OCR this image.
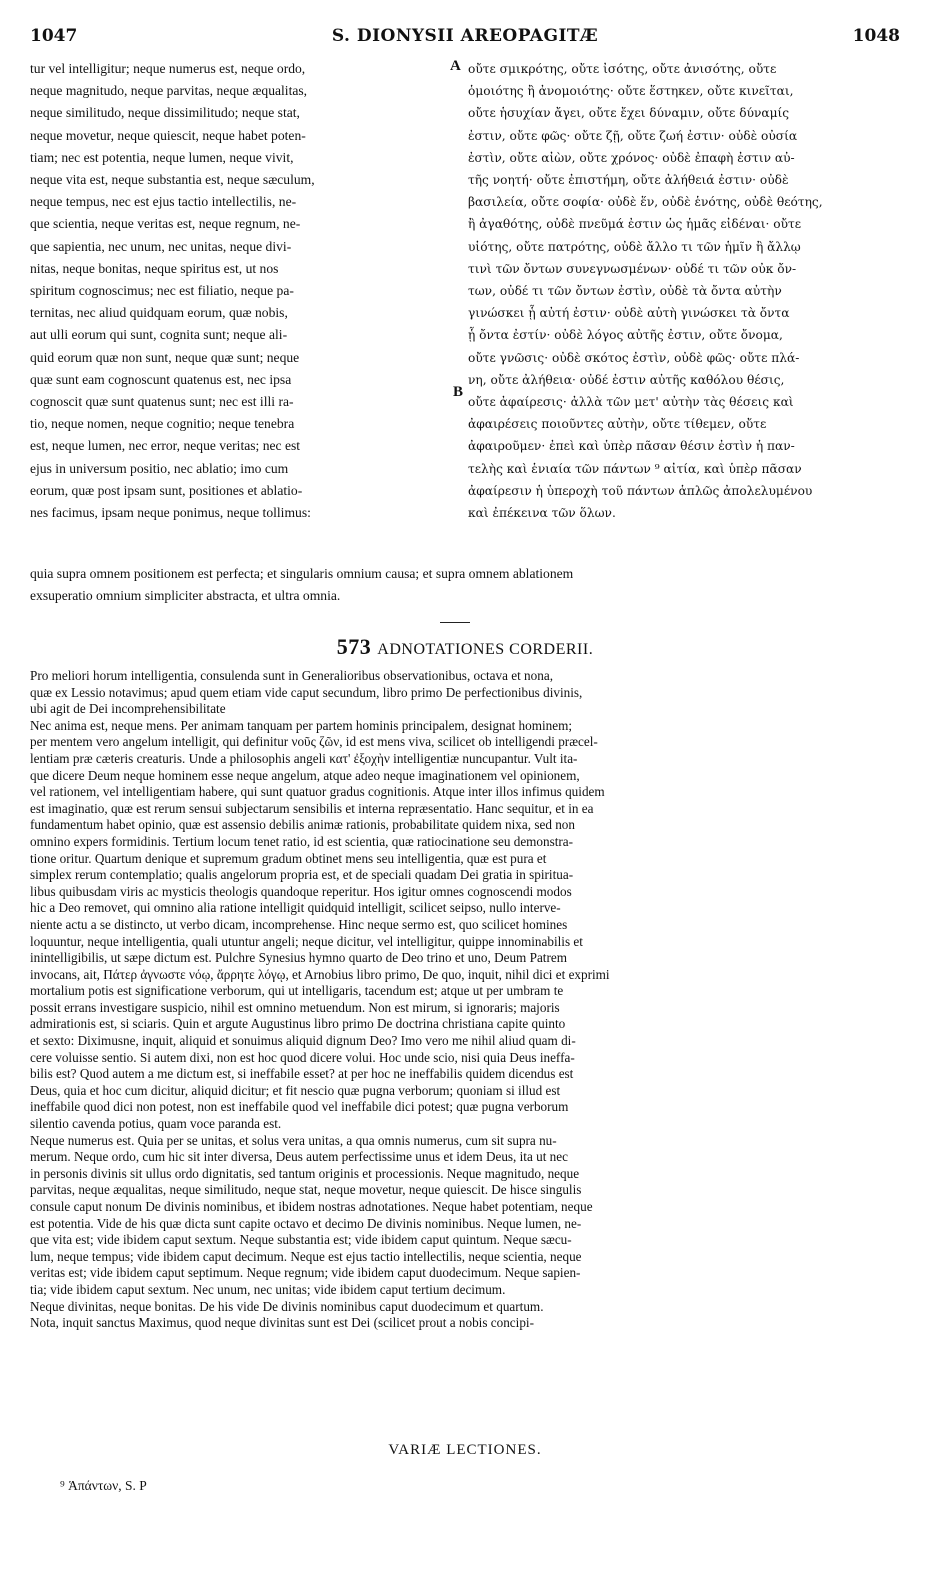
1047	S. DIONYSII AREOPAGITÆ	1048
tur vel intelligitur; neque numerus est, neque ordo,
neque magnitudo, neque parvitas, neque æqualitas,
neque similitudo, neque dissimilitudo; neque stat,
neque movetur, neque quiescit, neque habet poten-
tiam; nec est potentia, neque lumen, neque vivit,
neque vita est, neque substantia est, neque sæculum,
neque tempus, nec est ejus tactio intellectilis, ne-
que scientia, neque veritas est, neque regnum, ne-
que sapientia, nec unum, nec unitas, neque divi-
nitas, neque bonitas, neque spiritus est, ut nos
spiritum cognoscimus; nec est filiatio, neque pa-
ternitas, nec aliud quidquam eorum, quæ nobis,
aut ulli eorum qui sunt, cognita sunt; neque ali-
quid eorum quæ non sunt, neque quæ sunt; neque
quæ sunt eam cognoscunt quatenus est, nec ipsa
cognoscit quæ sunt quatenus sunt; nec est illi ra-
tio, neque nomen, neque cognitio; neque tenebra
est, neque lumen, nec error, neque veritas; nec est
ejus in universum positio, nec ablatio; imo cum
eorum, quæ post ipsam sunt, positiones et ablatio-
nes facimus, ipsam neque ponimus, neque tollimus:
A
B
οὔτε σμικρότης, οὔτε ἰσότης, οὔτε ἀνισότης, οὔτε
ὁμοιότης ἢ ἀνομοιότης· οὔτε ἕστηκεν, οὔτε κινεῖται,
οὔτε ἡσυχίαν ἄγει, οὔτε ἔχει δύναμιν, οὔτε δύναμίς
ἐστιν, οὔτε φῶς· οὔτε ζῇ, οὔτε ζωή ἐστιν· οὐδὲ οὐσία
ἐστὶν, οὔτε αἰὼν, οὔτε χρόνος· οὐδὲ ἐπαφὴ ἐστιν αὐ-
τῆς νοητή· οὔτε ἐπιστήμη, οὔτε ἀλήθειά ἐστιν· οὐδὲ
βασιλεία, οὔτε σοφία· οὐδὲ ἕν, οὐδὲ ἑνότης, οὐδὲ θεότης,
ἢ ἀγαθότης, οὐδὲ πνεῦμά ἐστιν ὡς ἡμᾶς εἰδέναι· οὔτε
υἱότης, οὔτε πατρότης, οὐδὲ ἄλλο τι τῶν ἡμῖν ἢ ἄλλῳ
τινὶ τῶν ὄντων συνεγνωσμένων· οὐδέ τι τῶν οὐκ ὄν-
των, οὐδέ τι τῶν ὄντων ἐστὶν, οὐδὲ τὰ ὄντα αὐτὴν
γινώσκει ᾗ αὐτή ἐστιν· οὐδὲ αὐτὴ γινώσκει τὰ ὄντα
ᾗ ὄντα ἐστίν· οὐδὲ λόγος αὐτῆς ἐστιν, οὔτε ὄνομα,
οὔτε γνῶσις· οὐδὲ σκότος ἐστὶν, οὐδὲ φῶς· οὔτε πλά-
νη, οὔτε ἀλήθεια· οὐδέ ἐστιν αὐτῆς καθόλου θέσις,
οὔτε ἀφαίρεσις· ἀλλὰ τῶν μετ' αὐτὴν τὰς θέσεις καὶ
ἀφαιρέσεις ποιοῦντες αὐτὴν, οὔτε τίθεμεν, οὔτε
ἀφαιροῦμεν· ἐπεὶ καὶ ὑπὲρ πᾶσαν θέσιν ἐστὶν ἡ παν-
τελὴς καὶ ἑνιαία τῶν πάντων ⁹ αἰτία, καὶ ὑπὲρ πᾶσαν
ἀφαίρεσιν ἡ ὑπεροχὴ τοῦ πάντων ἁπλῶς ἀπολελυμένου
καὶ ἐπέκεινα τῶν ὅλων.
quia supra omnem positionem est perfecta; et singularis omnium causa; et supra omnem ablationem
exsuperatio omnium simpliciter abstracta, et ultra omnia.
573 ADNOTATIONES CORDERII.
Pro meliori horum intelligentia, consulenda sunt in Generalioribus observationibus, octava et nona,
quæ ex Lessio notavimus; apud quem etiam vide caput secundum, libro primo De perfectionibus divinis,
ubi agit de Dei incomprehensibilitate
Nec anima est, neque mens. Per animam tanquam per partem hominis principalem, designat hominem;
per mentem vero angelum intelligit, qui definitur νοῦς ζῶν, id est mens viva, scilicet ob intelligendi præcel-
lentiam præ cæteris creaturis. Unde a philosophis angeli κατ' ἐξοχὴν intelligentiæ nuncupantur. Vult ita-
que dicere Deum neque hominem esse neque angelum, atque adeo neque imaginationem vel opinionem,
vel rationem, vel intelligentiam habere, qui sunt quatuor gradus cognitionis. Atque inter illos infimus quidem
est imaginatio, quæ est rerum sensui subjectarum sensibilis et interna repræsentatio. Hanc sequitur, et in ea
fundamentum habet opinio, quæ est assensio debilis animæ rationis, probabilitate quidem nixa, sed non
omnino expers formidinis. Tertium locum tenet ratio, id est scientia, quæ ratiocinatione seu demonstra-
tione oritur. Quartum denique et supremum gradum obtinet mens seu intelligentia, quæ est pura et
simplex rerum contemplatio; qualis angelorum propria est, et de speciali quadam Dei gratia in spiritua-
libus quibusdam viris ac mysticis theologis quandoque reperitur. Hos igitur omnes cognoscendi modos
hic a Deo removet, qui omnino alia ratione intelligit quidquid intelligit, scilicet seipso, nullo interve-
niente actu a se distincto, ut verbo dicam, incomprehense. Hinc neque sermo est, quo scilicet homines
loquuntur, neque intelligentia, quali utuntur angeli; neque dicitur, vel intelligitur, quippe innominabilis et
inintelligibilis, ut sæpe dictum est. Pulchre Synesius hymno quarto de Deo trino et uno, Deum Patrem
invocans, ait, Πάτερ ἀγνωστε νόῳ, ἄρρητε λόγῳ, et Arnobius libro primo, De quo, inquit, nihil dici et exprimi
mortalium potis est significatione verborum, qui ut intelligaris, tacendum est; atque ut per umbram te
possit errans investigare suspicio, nihil est omnino metuendum. Non est mirum, si ignoraris; majoris
admirationis est, si sciaris. Quin et argute Augustinus libro primo De doctrina christiana capite quinto
et sexto: Diximusne, inquit, aliquid et sonuimus aliquid dignum Deo? Imo vero me nihil aliud quam di-
cere voluisse sentio. Si autem dixi, non est hoc quod dicere volui. Hoc unde scio, nisi quia Deus ineffa-
bilis est? Quod autem a me dictum est, si ineffabile esset? at per hoc ne ineffabilis quidem dicendus est
Deus, quia et hoc cum dicitur, aliquid dicitur; et fit nescio quæ pugna verborum; quoniam si illud est
ineffabile quod dici non potest, non est ineffabile quod vel ineffabile dici potest; quæ pugna verborum
silentio cavenda potius, quam voce paranda est.
Neque numerus est. Quia per se unitas, et solus vera unitas, a qua omnis numerus, cum sit supra nu-
merum. Neque ordo, cum hic sit inter diversa, Deus autem perfectissime unus et idem Deus, ita ut nec
in personis divinis sit ullus ordo dignitatis, sed tantum originis et processionis. Neque magnitudo, neque
parvitas, neque æqualitas, neque similitudo, neque stat, neque movetur, neque quiescit. De hisce singulis
consule caput nonum De divinis nominibus, et ibidem nostras adnotationes. Neque habet potentiam, neque
est potentia. Vide de his quæ dicta sunt capite octavo et decimo De divinis nominibus. Neque lumen, ne-
que vita est; vide ibidem caput sextum. Neque substantia est; vide ibidem caput quintum. Neque sæcu-
lum, neque tempus; vide ibidem caput decimum. Neque est ejus tactio intellectilis, neque scientia, neque
veritas est; vide ibidem caput septimum. Neque regnum; vide ibidem caput duodecimum. Neque sapien-
tia; vide ibidem caput sextum. Nec unum, nec unitas; vide ibidem caput tertium decimum.
Neque divinitas, neque bonitas. De his vide De divinis nominibus caput duodecimum et quartum.
Nota, inquit sanctus Maximus, quod neque divinitas sunt est Dei (scilicet prout a nobis concipi-
VARIÆ LECTIONES.
⁹ Ἁπάντων, S. P
